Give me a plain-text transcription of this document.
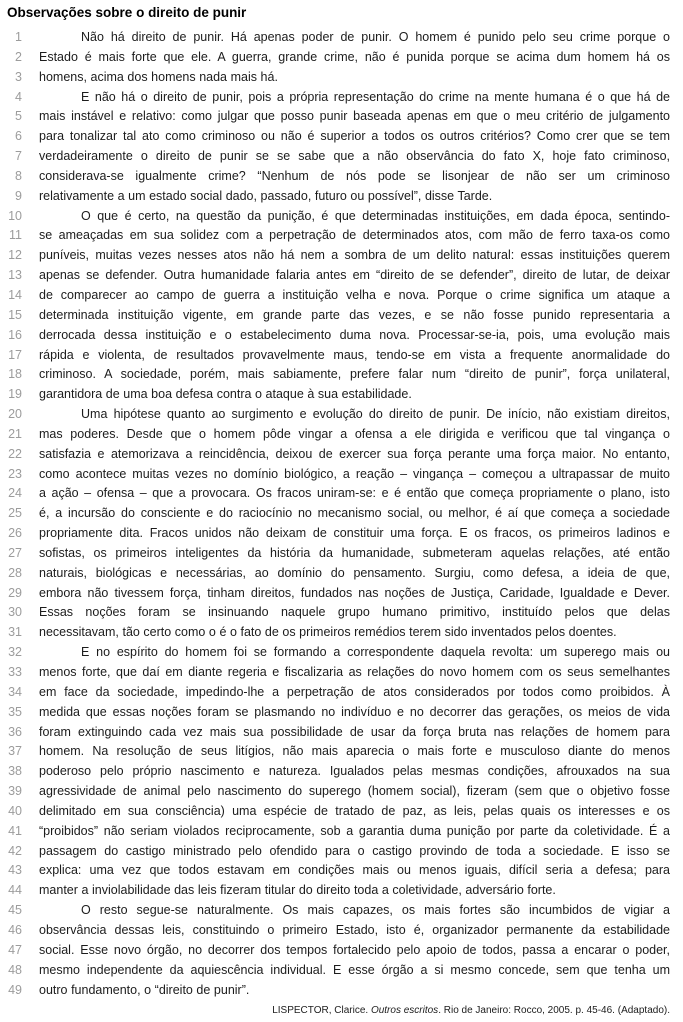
Observações sobre o direito de punir
1	Não há direito de punir. Há apenas poder de punir. O homem é punido pelo seu crime porque o
2 Estado é mais forte que ele. A guerra, grande crime, não é punida porque se acima dum homem há os
3 homens, acima dos homens nada mais há.
4	E não há o direito de punir, pois a própria representação do crime na mente humana é o que há de
5 mais instável e relativo: como julgar que posso punir baseada apenas em que o meu critério de julgamento
6 para tonalizar tal ato como criminoso ou não é superior a todos os outros critérios? Como crer que se tem
7 verdadeiramente o direito de punir se se sabe que a não observância do fato X, hoje fato criminoso,
8 considerava-se igualmente crime? “Nenhum de nós pode se lisonjear de não ser um criminoso
9 relativamente a um estado social dado, passado, futuro ou possível”, disse Tarde.
10	O que é certo, na questão da punição, é que determinadas instituições, em dada época, sentindo-
11 se ameaçadas em sua solidez com a perpetração de determinados atos, com mão de ferro taxa-os como
12 puníveis, muitas vezes nesses atos não há nem a sombra de um delito natural: essas instituições querem
13 apenas se defender. Outra humanidade falaria antes em “direito de se defender”, direito de lutar, de deixar
14 de comparecer ao campo de guerra a instituição velha e nova. Porque o crime significa um ataque a
15 determinada instituição vigente, em grande parte das vezes, e se não fosse punido representaria a
16 derrocada dessa instituição e o estabelecimento duma nova. Processar-se-ia, pois, uma evolução mais
17 rápida e violenta, de resultados provavelmente maus, tendo-se em vista a frequente anormalidade do
18 criminoso. A sociedade, porém, mais sabiamente, prefere falar num “direito de punir”, força unilateral,
19 garantidora de uma boa defesa contra o ataque à sua estabilidade.
20	Uma hipótese quanto ao surgimento e evolução do direito de punir. De início, não existiam direitos,
21 mas poderes. Desde que o homem pôde vingar a ofensa a ele dirigida e verificou que tal vingança o
22 satisfazia e atemorizava a reincidência, deixou de exercer sua força perante uma força maior. No entanto,
23 como acontece muitas vezes no domínio biológico, a reação – vingança – começou a ultrapassar de muito
24 a ação – ofensa – que a provocara. Os fracos uniram-se: e é então que começa propriamente o plano, isto
25 é, a incursão do consciente e do raciocínio no mecanismo social, ou melhor, é aí que começa a sociedade
26 propriamente dita. Fracos unidos não deixam de constituir uma força. E os fracos, os primeiros ladinos e
27 sofistas, os primeiros inteligentes da história da humanidade, submeteram aquelas relações, até então
28 naturais, biológicas e necessárias, ao domínio do pensamento. Surgiu, como defesa, a ideia de que,
29 embora não tivessem força, tinham direitos, fundados nas noções de Justiça, Caridade, Igualdade e Dever.
30 Essas noções foram se insinuando naquele grupo humano primitivo, instituído pelos que delas
31 necessitavam, tão certo como o é o fato de os primeiros remédios terem sido inventados pelos doentes.
32	E no espírito do homem foi se formando a correspondente daquela revolta: um superego mais ou
33 menos forte, que daí em diante regeria e fiscalizaria as relações do novo homem com os seus semelhantes
34 em face da sociedade, impedindo-lhe a perpetração de atos considerados por todos como proibidos. À
35 medida que essas noções foram se plasmando no indivíduo e no decorrer das gerações, os meios de vida
36 foram extinguindo cada vez mais sua possibilidade de usar da força bruta nas relações de homem para
37 homem. Na resolução de seus litígios, não mais aparecia o mais forte e musculoso diante do menos
38 poderoso pelo próprio nascimento e natureza. Igualados pelas mesmas condições, afrouxados na sua
39 agressividade de animal pelo nascimento do superego (homem social), fizeram (sem que o objetivo fosse
40 delimitado em sua consciência) uma espécie de tratado de paz, as leis, pelas quais os interesses e os
41 “proibidos” não seriam violados reciprocamente, sob a garantia duma punição por parte da coletividade. É a
42 passagem do castigo ministrado pelo ofendido para o castigo provindo de toda a sociedade. E isso se
43 explica: uma vez que todos estavam em condições mais ou menos iguais, difícil seria a defesa; para
44 manter a inviolabilidade das leis fizeram titular do direito toda a coletividade, adversário forte.
45	O resto segue-se naturalmente. Os mais capazes, os mais fortes são incumbidos de vigiar a
46 observância dessas leis, constituindo o primeiro Estado, isto é, organizador permanente da estabilidade
47 social. Esse novo órgão, no decorrer dos tempos fortalecido pelo apoio de todos, passa a encarar o poder,
48 mesmo independente da aquiescência individual. E esse órgão a si mesmo concede, sem que tenha um
49 outro fundamento, o “direito de punir”.
LISPECTOR, Clarice. Outros escritos. Rio de Janeiro: Rocco, 2005. p. 45-46. (Adaptado).
